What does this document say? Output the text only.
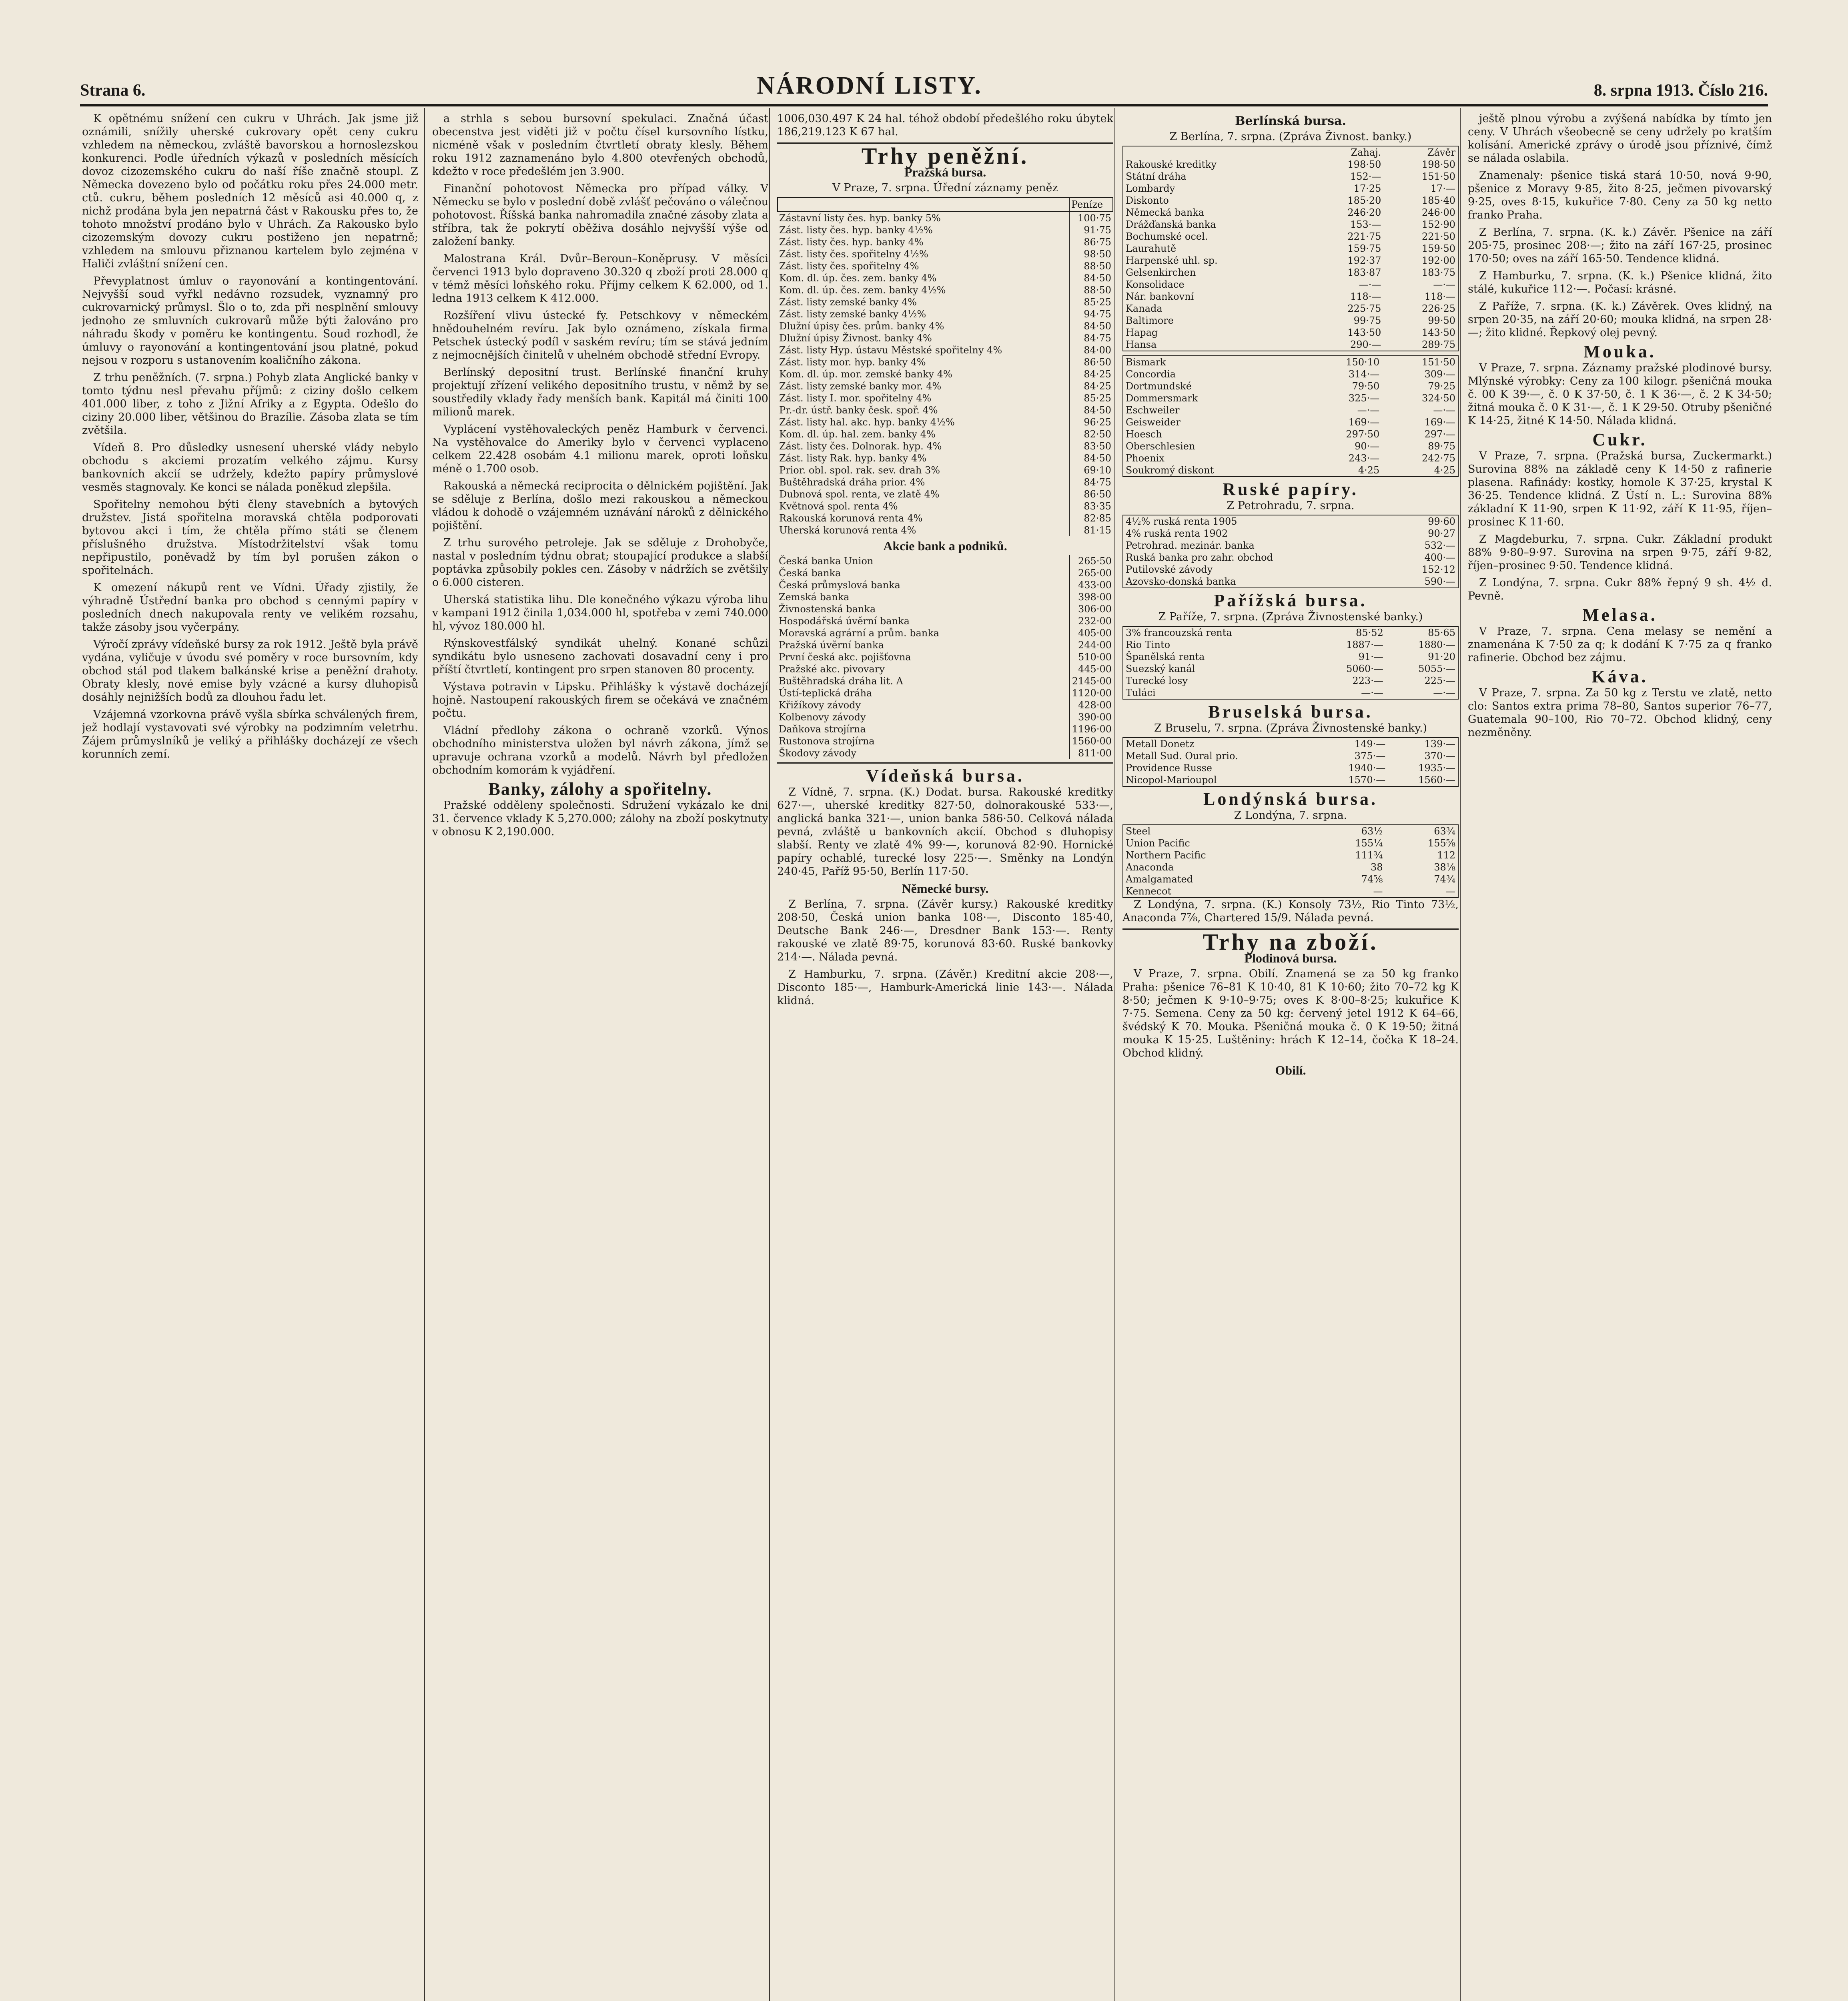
Strana 6.	NÁRODNÍ LISTY.	8. srpna 1913. Číslo 216.

K opětnému snížení cen cukru v Uhrách. Jak jsme již oznámili, snížily uherské cukrovary opět ceny cukru vzhledem na německou, zvláště bavorskou a hornoslezskou konkurenci. Podle úředních výkazů v posledních měsících dovoz cizozemského cukru do naší říše značně stoupl. Z Německa dovezeno bylo od počátku roku přes 24.000 metr. ctů. cukru, během posledních 12 měsíců asi 40.000 q, z nichž prodána byla jen nepatrná část v Rakousku přes to, že tohoto množství prodáno bylo v Uhrách. Za Rakousko bylo cizozemským dovozy cukru postiženo jen nepatrně; vzhledem na smlouvu přiznanou kartelem bylo zejména v Haliči zvláštní snížení cen.

Převyplatnost úmluv o rayonování a kontingentování. Nejvyšší soud vyřkl nedávno rozsudek, vyznamný pro cukrovarnický průmysl. Šlo o to, zda při nesplnění smlouvy jednoho ze smluvních cukrovarů může býti žalováno pro náhradu škody v poměru ke kontingentu. Soud rozhodl, že úmluvy o rayonování a kontingentování jsou platné, pokud nejsou v rozporu s ustanovením koaličního zákona.

Z trhu peněžních. (7. srpna.) Pohyb zlata Anglické banky v tomto týdnu nesl převahu příjmů: z ciziny došlo celkem 401.000 liber, z toho z Jižní Afriky a z Egypta. Odešlo do ciziny 20.000 liber, většinou do Brazílie. Zásoba zlata se tím zvětšila.

Vídeň 8. Pro důsledky usnesení uherské vlády nebylo obchodu s akciemi prozatím velkého zájmu. Kursy bankovních akcií se udržely, kdežto papíry průmyslové vesměs stagnovaly. Ke konci se nálada poněkud zlepšila.

Spořitelny nemohou býti členy stavebních a bytových družstev. Jistá spořitelna moravská chtěla podporovati bytovou akci i tím, že chtěla přímo státi se členem příslušného družstva. Místodržitelství však tomu nepřipustilo, poněvadž by tím byl porušen zákon o spořitelnách.

K omezení nákupů rent ve Vídni. Úřady zjistily, že výhradně Ústřední banka pro obchod s cennými papíry v posledních dnech nakupovala renty ve velikém rozsahu, takže zásoby jsou vyčerpány.

Výročí zprávy vídeňské bursy za rok 1912. Ještě byla právě vydána, vyličuje v úvodu své poměry v roce bursovním, kdy obchod stál pod tlakem balkánské krise a peněžní drahoty. Obraty klesly, nové emise byly vzácné a kursy dluhopisů dosáhly nejnižších bodů za dlouhou řadu let.

Vzájemná vzorkovna právě vyšla sbírka schválených firem, jež hodlají vystavovati své výrobky na podzimním veletrhu. Zájem průmyslníků je veliký a přihlášky docházejí ze všech korunních zemí.

a strhla s sebou bursovní spekulaci. Značná účast obecenstva jest viděti již v počtu čísel kursovního lístku, nicméně však v posledním čtvrtletí obraty klesly. Během roku 1912 zaznamenáno bylo 4.800 otevřených obchodů, kdežto v roce předešlém jen 3.900.

Finanční pohotovost Německa pro případ války. V Německu se bylo v poslední době zvlášť pečováno o válečnou pohotovost. Říšská banka nahromadila značné zásoby zlata a stříbra, tak že pokrytí oběživa dosáhlo nejvyšší výše od založení banky.

Malostrana Král. Dvůr–Beroun–Koněprusy. V měsíci červenci 1913 bylo dopraveno 30.320 q zboží proti 28.000 q v témž měsíci loňského roku. Příjmy celkem K 62.000, od 1. ledna 1913 celkem K 412.000.

Rozšíření vlivu ústecké fy. Petschkovy v německém hnědouhelném revíru. Jak bylo oznámeno, získala firma Petschek ústecký podíl v saském revíru; tím se stává jedním z nejmocnějších činitelů v uhelném obchodě střední Evropy.

Berlínský depositní trust. Berlínské finanční kruhy projektují zřízení velikého depositního trustu, v němž by se soustředily vklady řady menších bank. Kapitál má činiti 100 milionů marek.

Vyplácení vystěhovaleckých peněz Hamburk v červenci. Na vystěhovalce do Ameriky bylo v červenci vyplaceno celkem 22.428 osobám 4.1 milionu marek, oproti loňsku méně o 1.700 osob.

Rakouská a německá reciprocita o dělnickém pojištění. Jak se sděluje z Berlína, došlo mezi rakouskou a německou vládou k dohodě o vzájemném uznávání nároků z dělnického pojištění.

Z trhu surového petroleje. Jak se sděluje z Drohobyče, nastal v posledním týdnu obrat; stoupající produkce a slabší poptávka způsobily pokles cen. Zásoby v nádržích se zvětšily o 6.000 cisteren.

Uherská statistika lihu. Dle konečného výkazu výroba lihu v kampani 1912 činila 1,034.000 hl, spotřeba v zemi 740.000 hl, vývoz 180.000 hl.

Rýnskovestfálský syndikát uhelný. Konané schůzi syndikátu bylo usneseno zachovati dosavadní ceny i pro příští čtvrtletí, kontingent pro srpen stanoven 80 procenty.

Výstava potravin v Lipsku. Přihlášky k výstavě docházejí hojně. Nastoupení rakouských firem se očekává ve značném počtu.

Vládní předlohy zákona o ochraně vzorků. Výnos obchodního ministerstva uložen byl návrh zákona, jímž se upravuje ochrana vzorků a modelů. Návrh byl předložen obchodním komorám k vyjádření.

Banky, zálohy a spořitelny.

Pražské odděleny společnosti. Sdružení vykázalo ke dni 31. července vklady K 5,270.000; zálohy na zboží poskytnuty v obnosu K 2,190.000.

1006,030.497 K 24 hal. téhož období předešlého roku úbytek 186,219.123 K 67 hal.

Trhy peněžní.
Pražská bursa.
V Praze, 7. srpna. Úřední záznamy peněz
	Peníze
Zástavní listy čes. hyp. banky 5%	100·75
Zást. listy čes. hyp. banky 4½%	91·75
Zást. listy čes. hyp. banky 4%	86·75
Zást. listy čes. spořitelny 4½%	98·50
Zást. listy čes. spořitelny 4%	88·50
Kom. dl. úp. čes. zem. banky 4%	84·50
Kom. dl. úp. čes. zem. banky 4½%	88·50
Zást. listy zemské banky 4%	85·25
Zást. listy zemské banky 4½%	94·75
Dlužní úpisy čes. prům. banky 4%	84·50
Dlužní úpisy Živnost. banky 4%	84·75
Zást. listy Hyp. ústavu Městské spořitelny 4%	84·00
Zást. listy mor. hyp. banky 4%	86·50
Kom. dl. úp. mor. zemské banky 4%	84·25
Zást. listy zemské banky mor. 4%	84·25
Zást. listy I. mor. spořitelny 4%	85·25
Pr.-dr. ústř. banky česk. spoř. 4%	84·50
Zást. listy hal. akc. hyp. banky 4½%	96·25
Kom. dl. úp. hal. zem. banky 4%	82·50
Zást. listy čes. Dolnorak. hyp. 4%	83·50
Zást. listy Rak. hyp. banky 4%	84·50
Prior. obl. spol. rak. sev. drah 3%	69·10
Buštěhradská dráha prior. 4%	84·75
Dubnová spol. renta, ve zlatě 4%	86·50
Květnová spol. renta 4%	83·35
Rakouská korunová renta 4%	82·85
Uherská korunová renta 4%	81·15
Akcie bank a podniků.
Česká banka Union	265·50
Česká banka	265·00
Česká průmyslová banka	433·00
Zemská banka	398·00
Živnostenská banka	306·00
Hospodářská úvěrní banka	232·00
Moravská agrární a prům. banka	405·00
Pražská úvěrní banka	244·00
První česká akc. pojišťovna	510·00
Pražské akc. pivovary	445·00
Buštěhradská dráha lit. A	2145·00
Ústí-teplická dráha	1120·00
Křižíkovy závody	428·00
Kolbenovy závody	390·00
Daňkova strojírna	1196·00
Rustonova strojírna	1560·00
Škodovy závody	811·00
Vídeňská bursa.

Z Vídně, 7. srpna. (K.) Dodat. bursa. Rakouské kreditky 627·—, uherské kreditky 827·50, dolnorakouské 533·—, anglická banka 321·—, union banka 586·50. Celková nálada pevná, zvláště u bankovních akcií. Obchod s dluhopisy slabší. Renty ve zlatě 4% 99·—, korunová 82·90. Hornické papíry ochablé, turecké losy 225·—. Směnky na Londýn 240·45, Paříž 95·50, Berlín 117·50.

Německé bursy.

Z Berlína, 7. srpna. (Závěr kursy.) Rakouské kreditky 208·50, Česká union banka 108·—, Disconto 185·40, Deutsche Bank 246·—, Dresdner Bank 153·—. Renty rakouské ve zlatě 89·75, korunová 83·60. Ruské bankovky 214·—. Nálada pevná.

Z Hamburku, 7. srpna. (Závěr.) Kreditní akcie 208·—, Disconto 185·—, Hamburk-Americká linie 143·—. Nálada klidná.

Berlínská bursa.
Z Berlína, 7. srpna. (Zpráva Živnost. banky.)
	Zahaj.	Závěr
Rakouské kreditky	198·50	198·50
Státní dráha	152·—	151·50
Lombardy	17·25	17·—
Diskonto	185·20	185·40
Německá banka	246·20	246·00
Drážďanská banka	153·—	152·90
Bochumské ocel.	221·75	221·50
Laurahutě	159·75	159·50
Harpenské uhl. sp.	192·37	192·00
Gelsenkirchen	183·87	183·75
Konsolidace	—·—	—·—
Nár. bankovní	118·—	118·—
Kanada	225·75	226·25
Baltimore	99·75	99·50
Hapag	143·50	143·50
Hansa	290·—	289·75
Bismark	150·10	151·50
Concordia	314·—	309·—
Dortmundské	79·50	79·25
Dommersmark	325·—	324·50
Eschweiler	—·—	—·—
Geisweider	169·—	169·—
Hoesch	297·50	297·—
Oberschlesien	90·—	89·75
Phoenix	243·—	242·75
Soukromý diskont	4·25	4·25
Ruské papíry.
Z Petrohradu, 7. srpna.
4½% ruská renta 1905	99·60
4% ruská renta 1902	90·27
Petrohrad. mezinár. banka	532·—
Ruská banka pro zahr. obchod	400·—
Putilovské závody	152·12
Azovsko-donská banka	590·—
Pařížská bursa.
Z Paříže, 7. srpna. (Zpráva Živnostenské banky.)
3% francouzská renta	85·52	85·65
Rio Tinto	1887·—	1880·—
Španělská renta	91·—	91·20
Suezský kanál	5060·—	5055·—
Turecké losy	223·—	225·—
Tuláci	—·—	—·—
Bruselská bursa.
Z Bruselu, 7. srpna. (Zpráva Živnostenské banky.)
Metall Donetz	149·—	139·—
Metall Sud. Oural prio.	375·—	370·—
Providence Russe	1940·—	1935·—
Nicopol-Marioupol	1570·—	1560·—
Londýnská bursa.
Z Londýna, 7. srpna.
Steel	63½	63¾
Union Pacific	155¼	155⅝
Northern Pacific	111¾	112
Anaconda	38	38⅛
Amalgamated	74⅝	74¾
Kennecot	—	—

Z Londýna, 7. srpna. (K.) Konsoly 73½, Rio Tinto 73½, Anaconda 7⅞, Chartered 15/9. Nálada pevná.

Trhy na zboží.
Plodinová bursa.

V Praze, 7. srpna. Obilí. Znamená se za 50 kg franko Praha: pšenice 76–81 K 10·40, 81 K 10·60; žito 70–72 kg K 8·50; ječmen K 9·10–9·75; oves K 8·00–8·25; kukuřice K 7·75. Semena. Ceny za 50 kg: červený jetel 1912 K 64–66, švédský K 70. Mouka. Pšeničná mouka č. 0 K 19·50; žitná mouka K 15·25. Luštěniny: hrách K 12–14, čočka K 18–24. Obchod klidný.

Obilí.

ještě plnou výrobu a zvýšená nabídka by tímto jen ceny. V Uhrách všeobecně se ceny udržely po kratším kolísání. Americké zprávy o úrodě jsou příznivé, čímž se nálada oslabila.

Znamenaly: pšenice tiská stará 10·50, nová 9·90, pšenice z Moravy 9·85, žito 8·25, ječmen pivovarský 9·25, oves 8·15, kukuřice 7·80. Ceny za 50 kg netto franko Praha.

Z Berlína, 7. srpna. (K. k.) Závěr. Pšenice na září 205·75, prosinec 208·—; žito na září 167·25, prosinec 170·50; oves na září 165·50. Tendence klidná.

Z Hamburku, 7. srpna. (K. k.) Pšenice klidná, žito stálé, kukuřice 112·—. Počasí: krásné.

Z Paříže, 7. srpna. (K. k.) Závěrek. Oves klidný, na srpen 20·35, na září 20·60; mouka klidná, na srpen 28·—; žito klidné. Řepkový olej pevný.

Mouka.

V Praze, 7. srpna. Záznamy pražské plodinové bursy. Mlýnské výrobky: Ceny za 100 kilogr. pšeničná mouka č. 00 K 39·—, č. 0 K 37·50, č. 1 K 36·—, č. 2 K 34·50; žitná mouka č. 0 K 31·—, č. 1 K 29·50. Otruby pšeničné K 14·25, žitné K 14·50. Nálada klidná.

Cukr.

V Praze, 7. srpna. (Pražská bursa, Zuckermarkt.) Surovina 88% na základě ceny K 14·50 z rafinerie plasena. Rafinády: kostky, homole K 37·25, krystal K 36·25. Tendence klidná. Z Ústí n. L.: Surovina 88% základní K 11·90, srpen K 11·92, září K 11·95, říjen–prosinec K 11·60.

Z Magdeburku, 7. srpna. Cukr. Základní produkt 88% 9·80–9·97. Surovina na srpen 9·75, září 9·82, říjen–prosinec 9·50. Tendence klidná.

Z Londýna, 7. srpna. Cukr 88% řepný 9 sh. 4½ d. Pevně.

Melasa.

V Praze, 7. srpna. Cena melasy se nemění a znamenána K 7·50 za q; k dodání K 7·75 za q franko rafinerie. Obchod bez zájmu.

Káva.

V Praze, 7. srpna. Za 50 kg z Terstu ve zlatě, netto clo: Santos extra prima 78–80, Santos superior 76–77, Guatemala 90–100, Rio 70–72. Obchod klidný, ceny nezměněny.
